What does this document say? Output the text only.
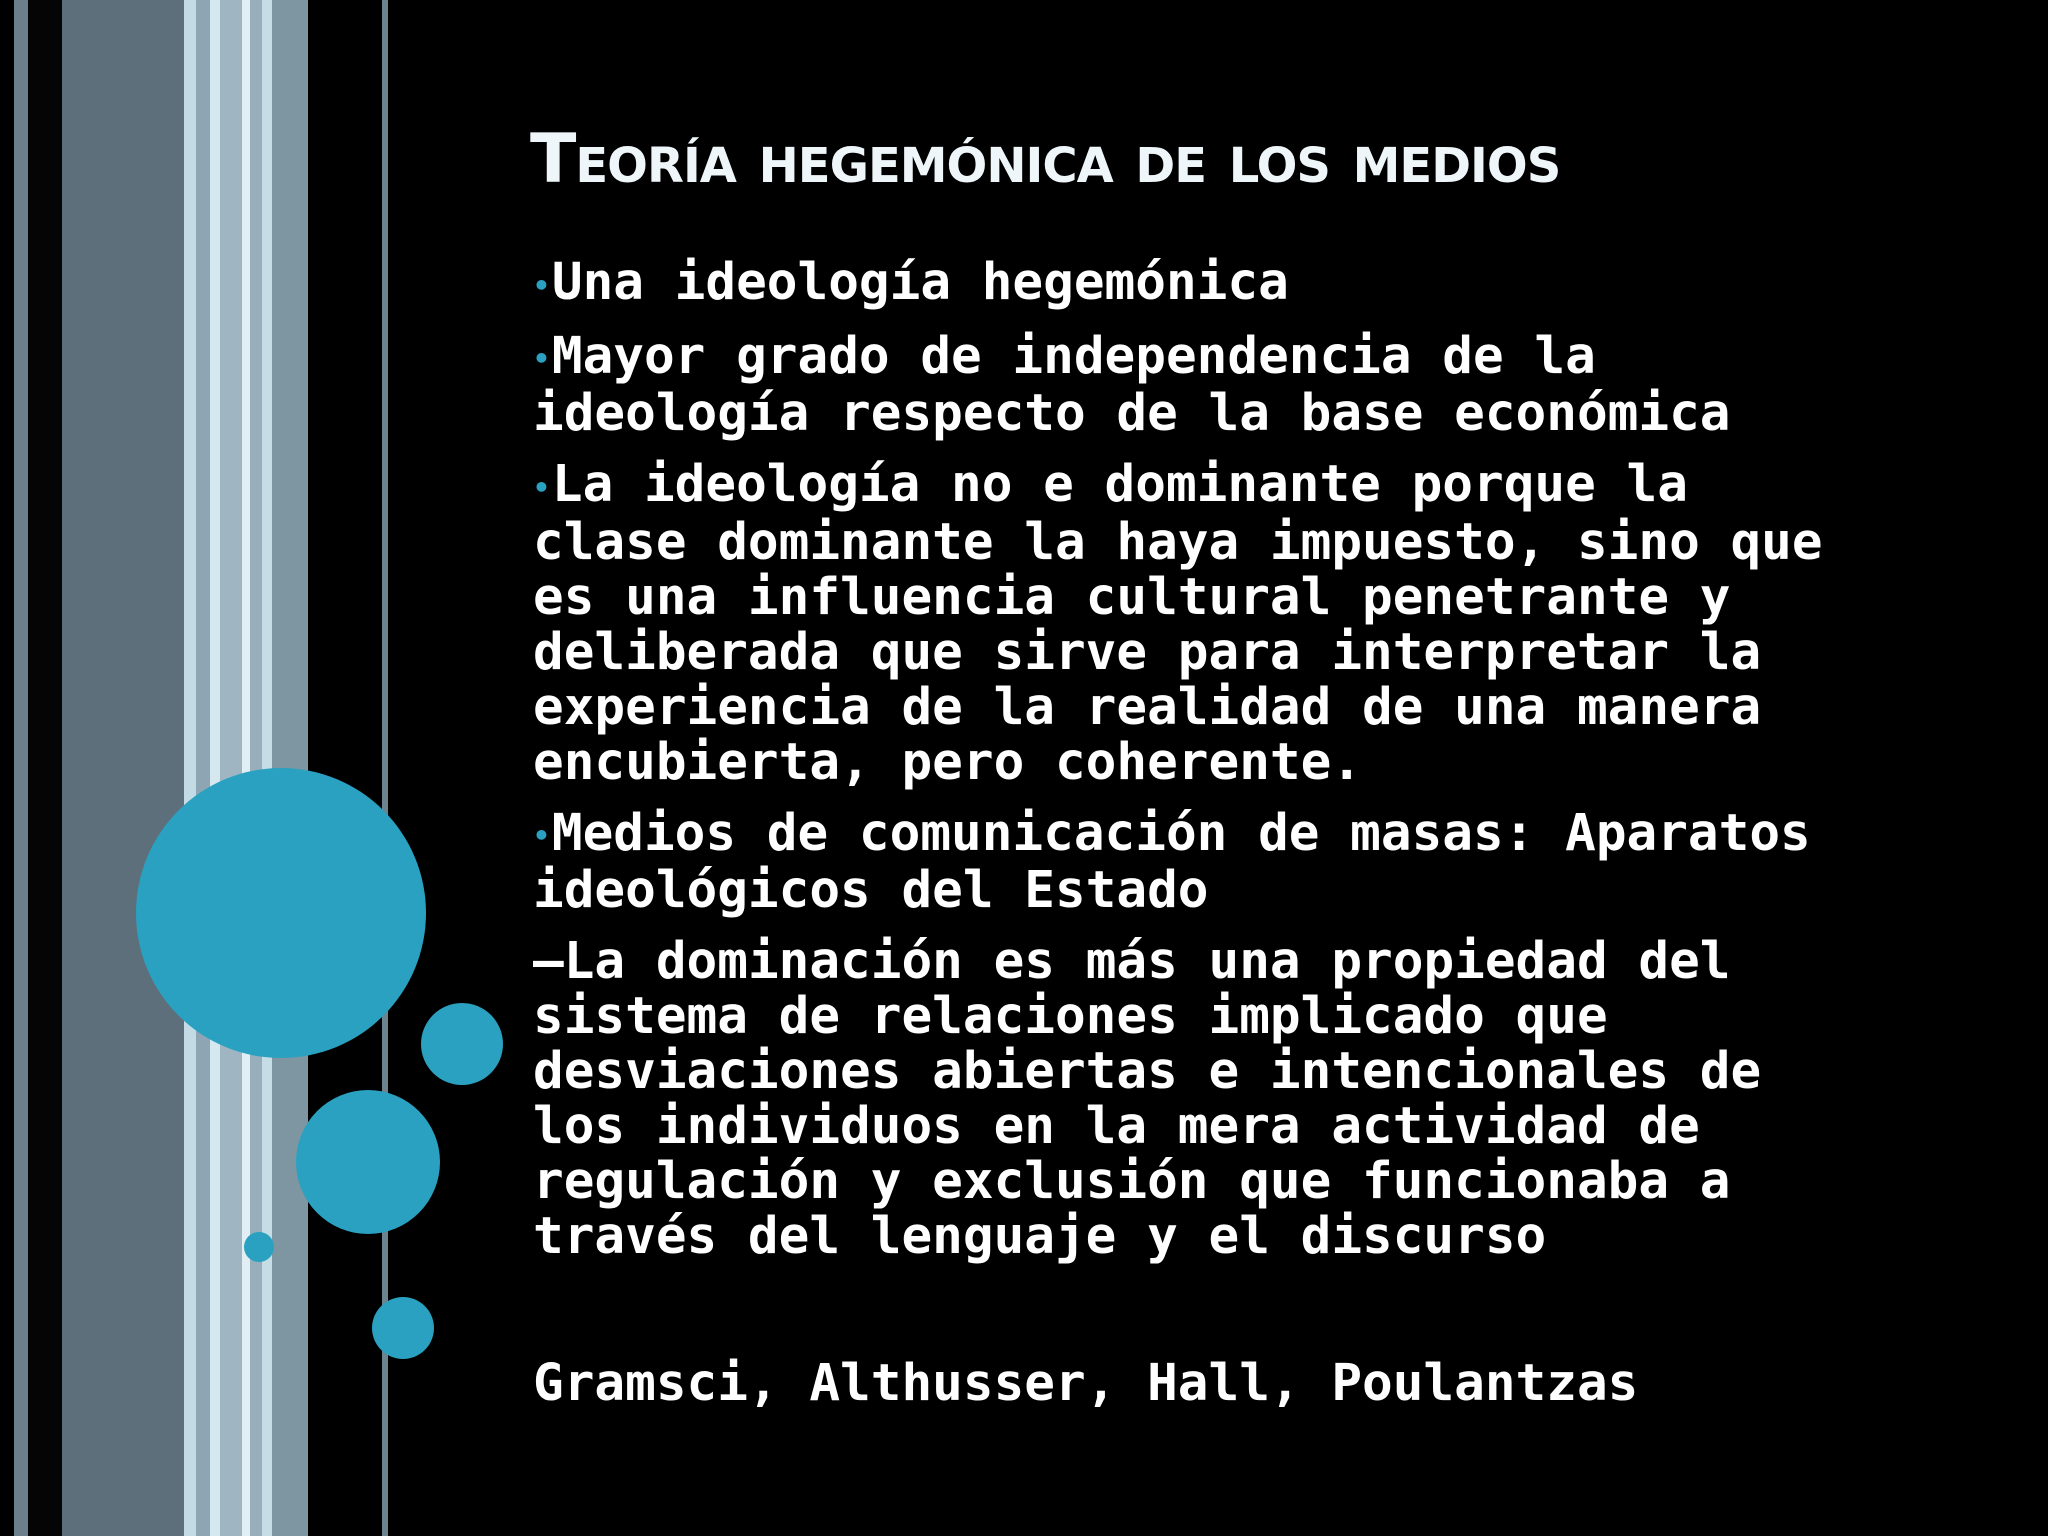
Teoría hegemónica de los medios

•Una ideología hegemónica

•Mayor grado de independencia de la
ideología respecto de la base económica

•La ideología no e dominante porque la
clase dominante la haya impuesto, sino que
es una influencia cultural penetrante y
deliberada que sirve para interpretar la
experiencia de la realidad de una manera
encubierta, pero coherente.

•Medios de comunicación de masas: Aparatos
ideológicos del Estado

–La dominación es más una propiedad del
sistema de relaciones implicado que
desviaciones abiertas e intencionales de
los individuos en la mera actividad de
regulación y exclusión que funcionaba a
través del lenguaje y el discurso

Gramsci, Althusser, Hall, Poulantzas
